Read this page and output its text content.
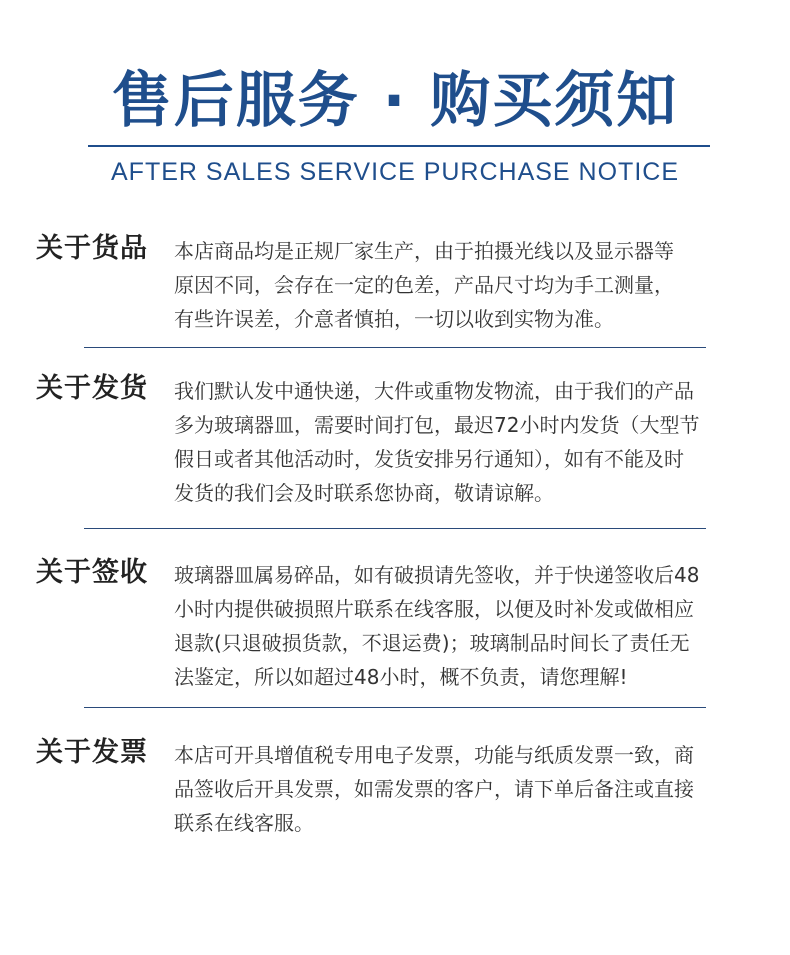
售后服务 · 购买须知
AFTER SALES SERVICE PURCHASE NOTICE
关于货品 本店商品均是正规厂家生产，由于拍摄光线以及显示器等

原因不同，会存在一定的色差，产品尺寸均为手工测量，

有些许误差，介意者慎拍，一切以收到实物为准。

关于发货 我们默认发中通快递，大件或重物发物流，由于我们的产品

多为玻璃器皿，需要时间打包，最迟72小时内发货（大型节

假日或者其他活动时，发货安排另行通知），如有不能及时

发货的我们会及时联系您协商，敬请谅解。

关于签收 玻璃器皿属易碎品，如有破损请先签收，并于快递签收后48

小时内提供破损照片联系在线客服，以便及时补发或做相应

退款(只退破损货款，不退运费)；玻璃制品时间长了责任无

法鉴定，所以如超过48小时，概不负责，请您理解!

关于发票 本店可开具增值税专用电子发票，功能与纸质发票一致，商

品签收后开具发票，如需发票的客户，请下单后备注或直接

联系在线客服。
